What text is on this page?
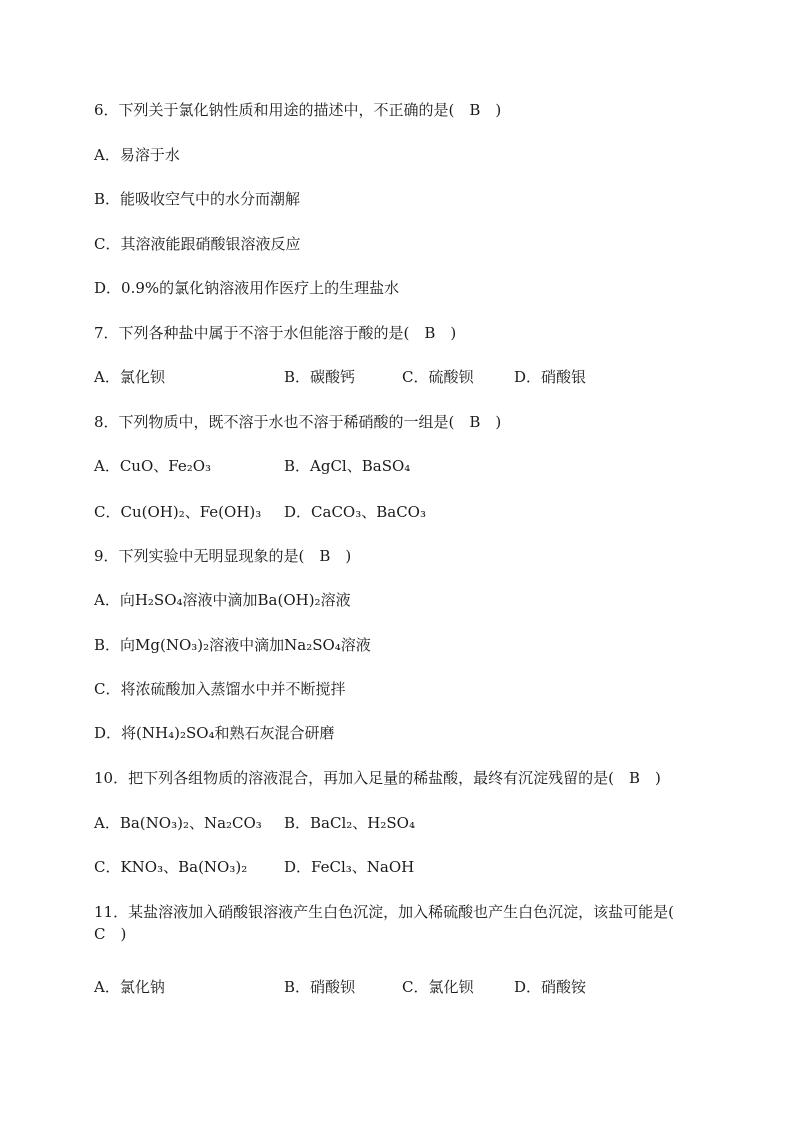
6．下列关于氯化钠性质和用途的描述中，不正确的是(　B　)
A．易溶于水
B．能吸收空气中的水分而潮解
C．其溶液能跟硝酸银溶液反应
D．0.9%的氯化钠溶液用作医疗上的生理盐水
7．下列各种盐中属于不溶于水但能溶于酸的是(　B　)
A．氯化钡	B．碳酸钙	C．硫酸钡	D．硝酸银
8．下列物质中，既不溶于水也不溶于稀硝酸的一组是(　B　)
A．CuO、Fe₂O₃	B．AgCl、BaSO₄
C．Cu(OH)₂、Fe(OH)₃ D．CaCO₃、BaCO₃
9．下列实验中无明显现象的是(　B　)
A．向H₂SO₄溶液中滴加Ba(OH)₂溶液
B．向Mg(NO₃)₂溶液中滴加Na₂SO₄溶液
C．将浓硫酸加入蒸馏水中并不断搅拌
D．将(NH₄)₂SO₄和熟石灰混合研磨
10．把下列各组物质的溶液混合，再加入足量的稀盐酸，最终有沉淀残留的是(　B　)
A．Ba(NO₃)₂、Na₂CO₃ B．BaCl₂、H₂SO₄
C．KNO₃、Ba(NO₃)₂ D．FeCl₃、NaOH
11．某盐溶液加入硝酸银溶液产生白色沉淀，加入稀硫酸也产生白色沉淀，该盐可能是(　C　)
A．氯化钠	B．硝酸钡	C．氯化钡	D．硝酸铵
